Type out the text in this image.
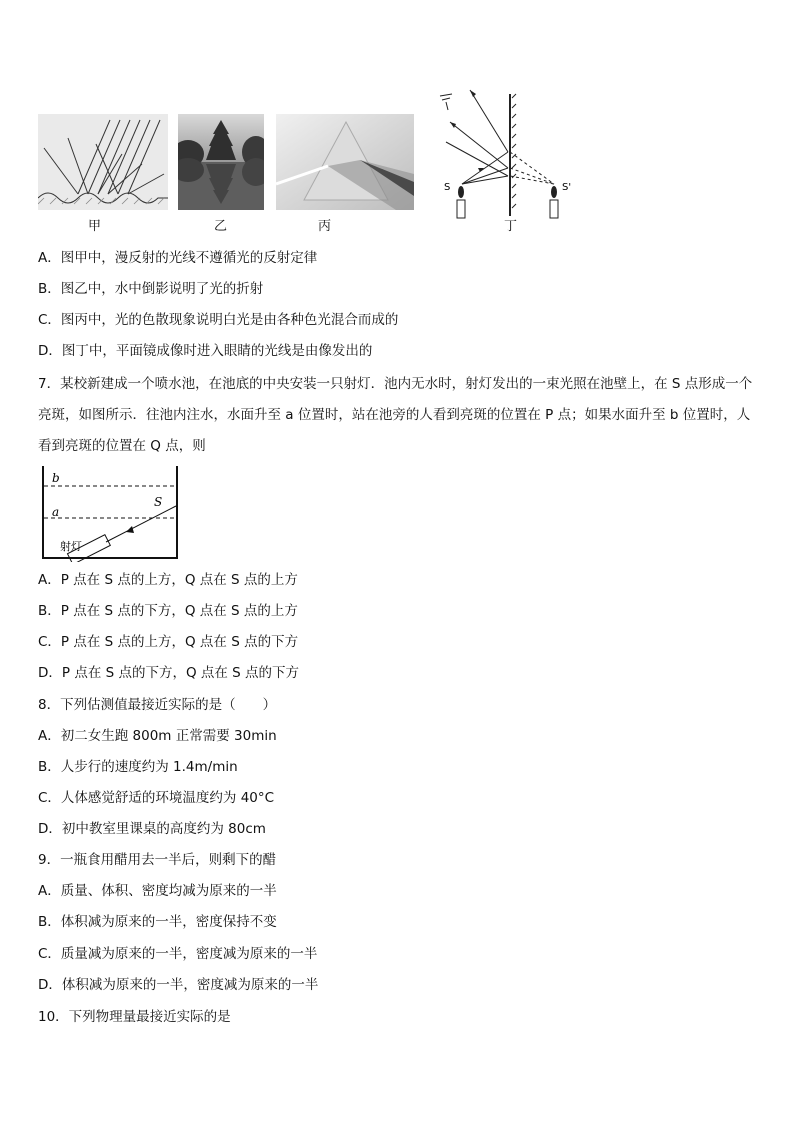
甲	乙	丙
S	S'
丁
A．图甲中，漫反射的光线不遵循光的反射定律
B．图乙中，水中倒影说明了光的折射
C．图丙中，光的色散现象说明白光是由各种色光混合而成的
D．图丁中，平面镜成像时进入眼睛的光线是由像发出的
7．某校新建成一个喷水池，在池底的中央安装一只射灯．池内无水时，射灯发出的一束光照在池壁上，在 S 点形成一个亮斑，如图所示．往池内注水，水面升至 a 位置时，站在池旁的人看到亮斑的位置在 P 点；如果水面升至 b 位置时，人看到亮斑的位置在 Q 点，则
b
a
S
射灯
A．P 点在 S 点的上方，Q 点在 S 点的上方
B．P 点在 S 点的下方，Q 点在 S 点的上方
C．P 点在 S 点的上方，Q 点在 S 点的下方
D．P 点在 S 点的下方，Q 点在 S 点的下方
8．下列估测值最接近实际的是（　　）
A．初二女生跑 800m 正常需要 30min
B．人步行的速度约为 1.4m/min
C．人体感觉舒适的环境温度约为 40°C
D．初中教室里课桌的高度约为 80cm
9．一瓶食用醋用去一半后，则剩下的醋
A．质量、体积、密度均减为原来的一半
B．体积减为原来的一半，密度保持不变
C．质量减为原来的一半，密度减为原来的一半
D．体积减为原来的一半，密度减为原来的一半
10．下列物理量最接近实际的是
